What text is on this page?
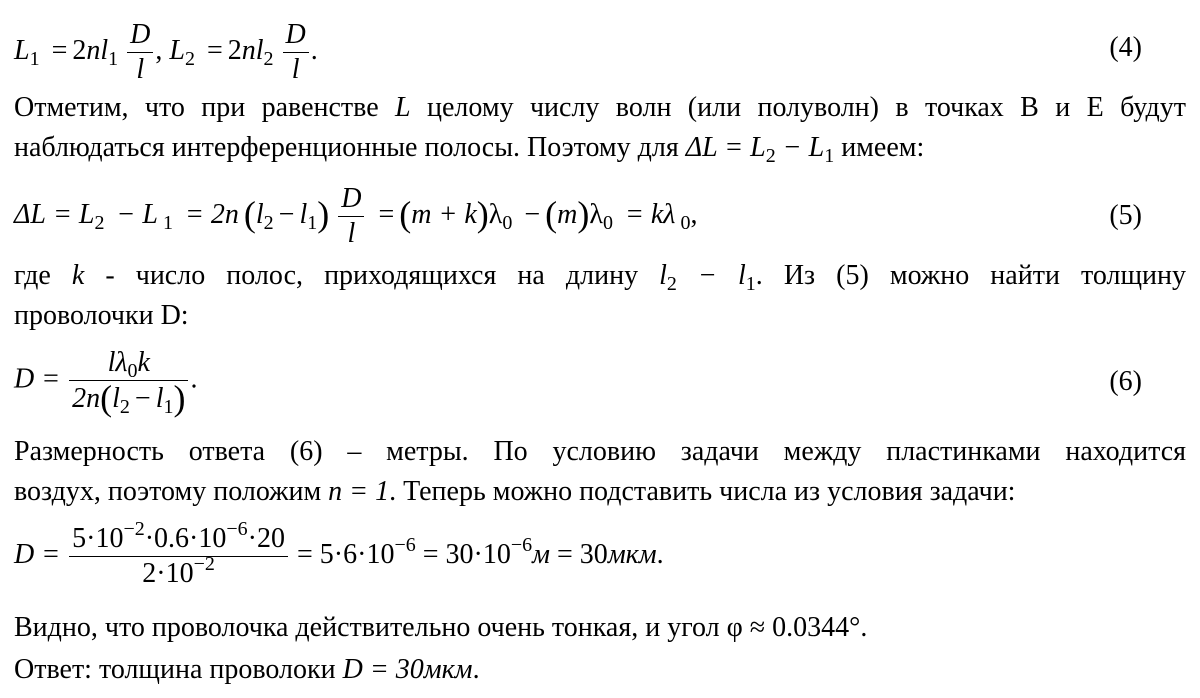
$L_1 = 2nl_1 \frac{D}{l}$ , $L_2 = 2nl_2 \frac{D}{l}$ .	(4)

Отметим, что при равенстве L целому числу волн (или полуволн) в точках B и E будут

наблюдаться интерференционные полосы. Поэтому для $\Delta L = L_2 - L_1$ имеем:

$\Delta L = L_2 - L$ $_1$ = 2n $(l_2 - l_1) \frac{D}{l} = (m + k)\lambda_0 - (m)\lambda_0 = k\lambda$ $_0$,	(5)

где k - число полос, приходящихся на длину $l_2 - l_1$. Из (5) можно найти толщину

проволочки D:

$D = \frac{l\lambda_0k}{2n(l_2 - l_1)}$ .	(6)

Размерность ответа (6) – метры. По условию задачи между пластинками находится

воздух, поэтому положим n = 1. Теперь можно подставить числа из условия задачи:

$D = \frac{5\cdot 10^{-2}\cdot 0.6\cdot 10^{-6}\cdot 20}{2\cdot 10^{-2}} = 5\cdot 6\cdot 10^{-6} = 30\cdot 10^{-6}м = 30мкм$.

Видно, что проволочка действительно очень тонкая, и угол φ ≈ 0.0344°.

Ответ: толщина проволоки D = 30мкм.
